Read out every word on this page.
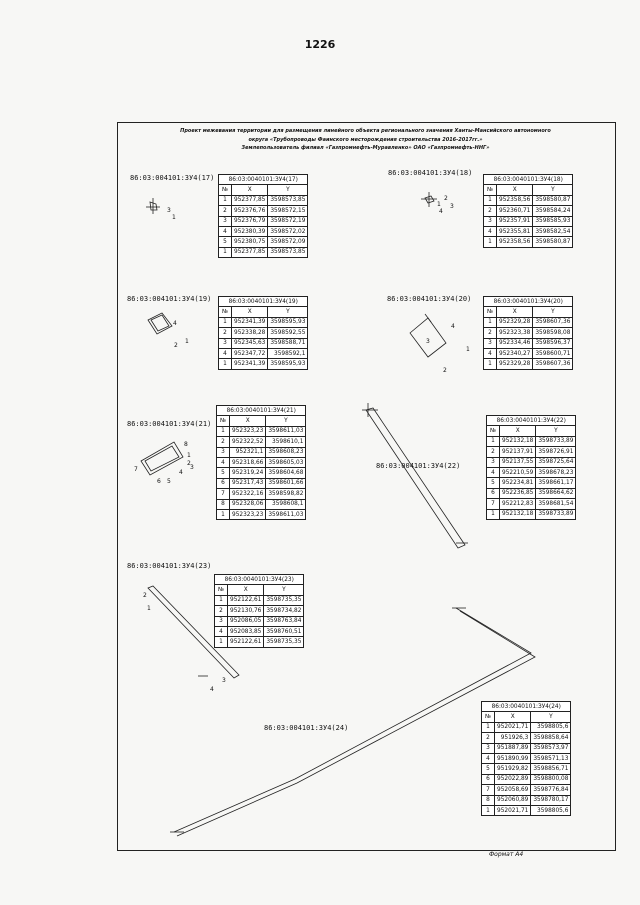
1226
Проект межевания территории для размещения линейного объекта регионального значения Ханты-Мансийского автономного
округа «Трубопроводы Фаинского месторождения строительства 2016-2017гг.»
Землепользователь филиал «Газпромнефть-Муравленко» ОАО «Газпромнефть-ННГ»
86:03:004101:ЗУ4(17)
86:03:004101:ЗУ4(18)
86:03:004101:ЗУ4(19)	86:03:004101:ЗУ4(20)
86:03:004101:ЗУ4(21)
86:03:004101:ЗУ4(22)
86:03:004101:ЗУ4(23)
86:03:004101:ЗУ4(24)
3
1
2
1 3
4
4
2
1
4
3
1
2
8
1
2
3
4
5
6
7
1
2
3
4
86:03:0040101:ЗУ4(17)		
№	X	Y
1	952377,85	3598573,85
2	952376,76	3598572,15
3	952376,79	3598572,19
4	952380,39	3598572,02
5	952380,75	3598572,09
1	952377,85	3598573,85
86:03:0040101:ЗУ4(18)		
№	X	Y
1	952358,56	3598580,87
2	952360,71	3598584,24
3	952357,91	3598585,93
4	952355,81	3598582,54
1	952358,56	3598580,87
86:03:0040101:ЗУ4(19)		
№	X	Y
1	952341,39	3598595,93
2	952338,28	3598592,55
3	952345,63	3598588,71
4	952347,72	3598592,1
1	952341,39	3598595,93
86:03:0040101:ЗУ4(20)		
№	X	Y
1	952329,28	3598607,36
2	952323,38	3598598,08
3	952334,46	3598596,37
4	952340,27	3598600,71
1	952329,28	3598607,36
86:03:0040101:ЗУ4(21)		
№	X	Y
1	952323,23	3598611,03
2	952322,52	3598610,1
3	952321,1	3598608,23
4	952318,66	3598605,03
5	952319,24	3598604,68
6	952317,43	3598601,66
7	952322,16	3598598,82
8	952328,06	3598608,1
1	952323,23	3598611,03
86:03:0040101:ЗУ4(22)		
№	X	Y
1	952132,18	3598733,89
2	952137,91	3598726,91
3	952137,55	3598725,64
4	952210,59	3598678,23
5	952234,81	3598661,17
6	952236,85	3598664,62
7	952212,83	3598681,54
1	952132,18	3598733,89
86:03:0040101:ЗУ4(23)		
№	X	Y
1	952122,61	3598735,35
2	952130,76	3598734,82
3	952086,05	3598763,84
4	952083,85	3598760,51
1	952122,61	3598735,35
86:03:0040101:ЗУ4(24)		
№	X	Y
1	952021,71	3598805,6
2	951926,3	3598858,64
3	951887,89	3598573,97
4	951890,99	3598571,13
5	951929,82	3598856,71
6	952022,89	3598800,08
7	952058,69	3598776,84
8	952060,89	3598780,17
1	952021,71	3598805,6
Формат А4
